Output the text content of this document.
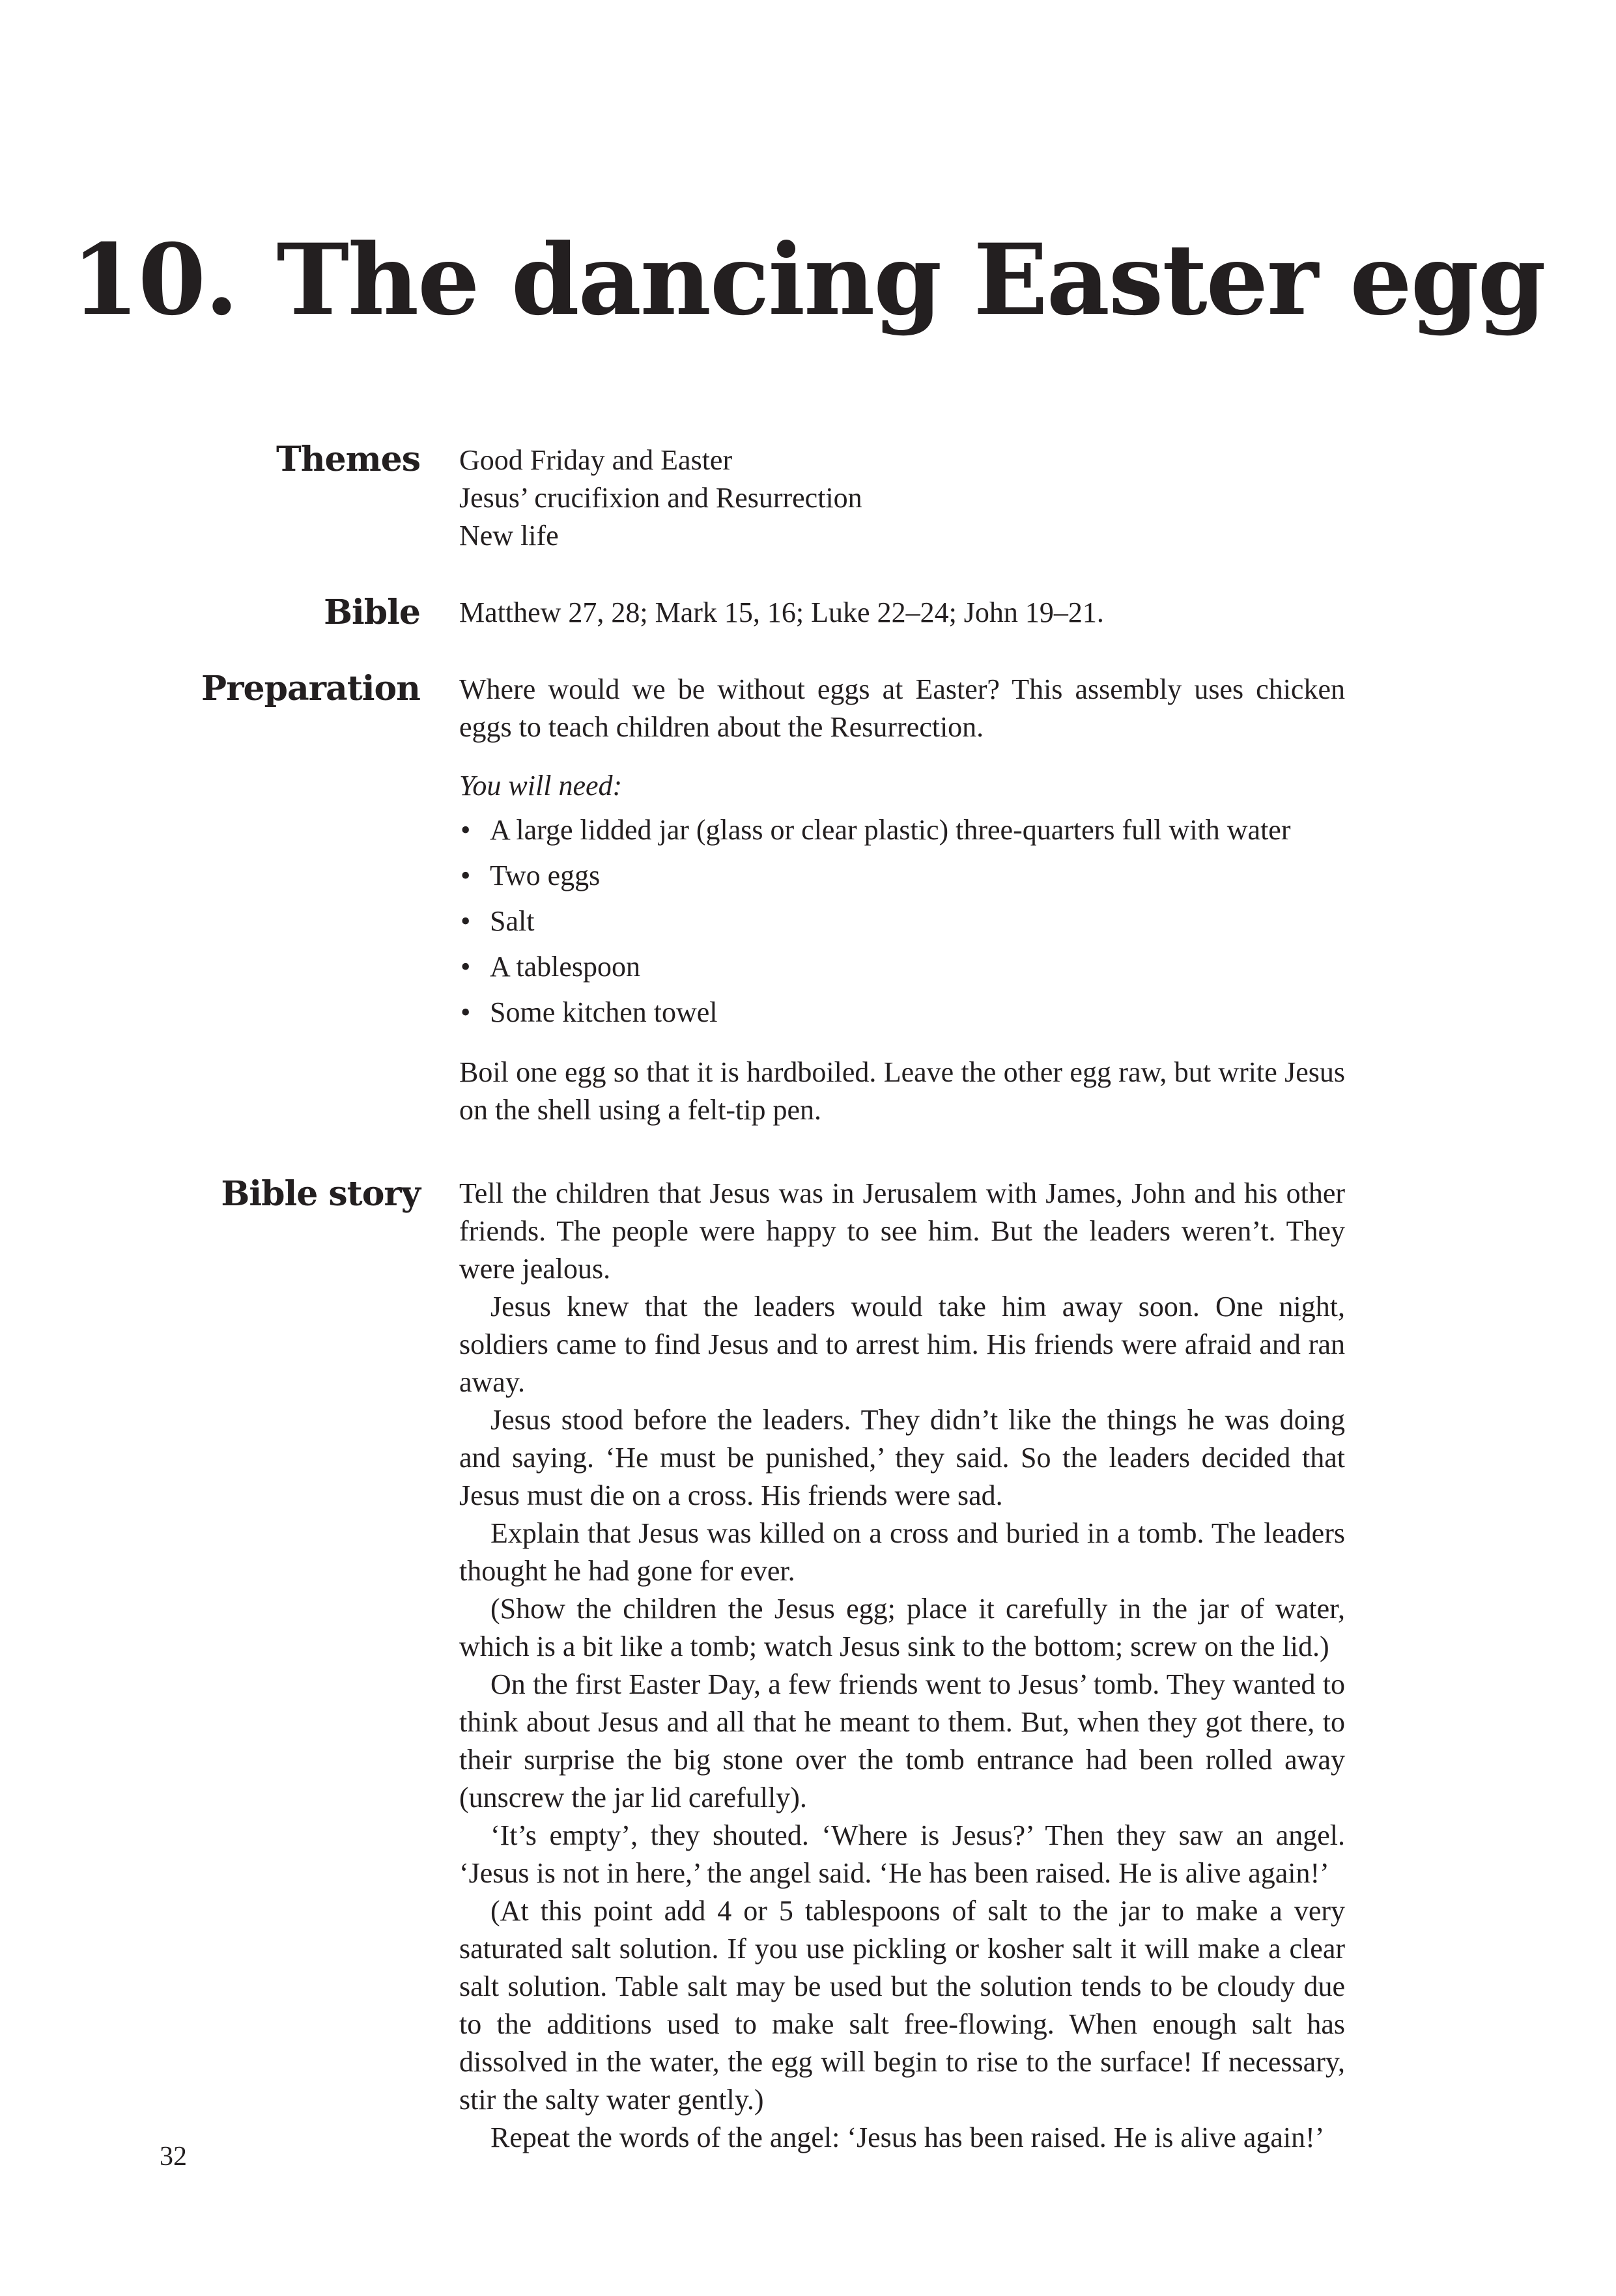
10. The dancing Easter egg
Themes Good Friday and Easter
Jesus’ crucifixion and Resurrection
New life
Bible Matthew 27, 28; Mark 15, 16; Luke 22–24; John 19–21.
Preparation Where would we be without eggs at Easter? This assembly uses chicken eggs to teach children about the Resurrection.

You will need:
• A large lidded jar (glass or clear plastic) three-quarters full with water
• Two eggs
• Salt
• A tablespoon
• Some kitchen towel

Boil one egg so that it is hardboiled. Leave the other egg raw, but write Jesus on the shell using a felt-tip pen.

Bible story Tell the children that Jesus was in Jerusalem with James, John and his other friends. The people were happy to see him. But the leaders weren’t. They were jealous.

Jesus knew that the leaders would take him away soon. One night, soldiers came to find Jesus and to arrest him. His friends were afraid and ran away.

Jesus stood before the leaders. They didn’t like the things he was doing and saying. ‘He must be punished,’ they said. So the leaders decided that Jesus must die on a cross. His friends were sad.

Explain that Jesus was killed on a cross and buried in a tomb. The leaders thought he had gone for ever.

(Show the children the Jesus egg; place it carefully in the jar of water, which is a bit like a tomb; watch Jesus sink to the bottom; screw on the lid.)

On the first Easter Day, a few friends went to Jesus’ tomb. They wanted to think about Jesus and all that he meant to them. But, when they got there, to their surprise the big stone over the tomb entrance had been rolled away (unscrew the jar lid carefully).

‘It’s empty’, they shouted. ‘Where is Jesus?’ Then they saw an angel. ‘Jesus is not in here,’ the angel said. ‘He has been raised. He is alive again!’

(At this point add 4 or 5 tablespoons of salt to the jar to make a very saturated salt solution. If you use pickling or kosher salt it will make a clear salt solution. Table salt may be used but the solution tends to be cloudy due to the additions used to make salt free-flowing. When enough salt has dissolved in the water, the egg will begin to rise to the surface! If necessary, stir the salty water gently.)

Repeat the words of the angel: ‘Jesus has been raised. He is alive again!’

32
